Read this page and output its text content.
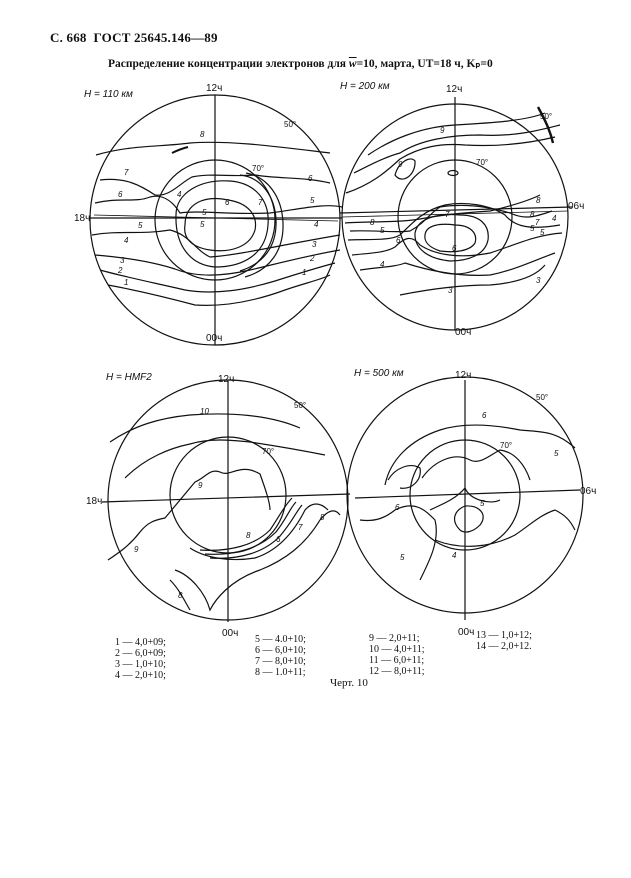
С. 668 ГОСТ 25645.146—89
Распределение концентрации электронов для $\overline{w}=10$, марта, UT=18 ч, Kₚ=0
H = 110 км
12ч
00ч
18ч
50°
70°
8
7
6
6
5	5
5
4
4
3
3
2
2
1
1
7
6
5
4
H = 200 км	12ч
00ч
06ч
50°
70°
9
9
8
8
7
6
5	5
4
4
3
3
8
7
6
5
H = HMF2	12ч
00ч
18ч
50°
70°
10
9
9
8
8
8
7
6
H = 500 км	12ч
00ч
06ч
50°
70°
6
5
5
5
6
4
1 — 4,0+09;
2 — 6,0+09;
3 — 1,0+10;
4 — 2,0+10;
5 — 4.0+10;
6 — 6,0+10;
7 — 8,0+10;
8 — 1.0+11;
9 — 2,0+11;
10 — 4,0+11;
11 — 6,0+11;
12 — 8,0+11;
13 — 1,0+12;
14 — 2,0+12.
Черт. 10
